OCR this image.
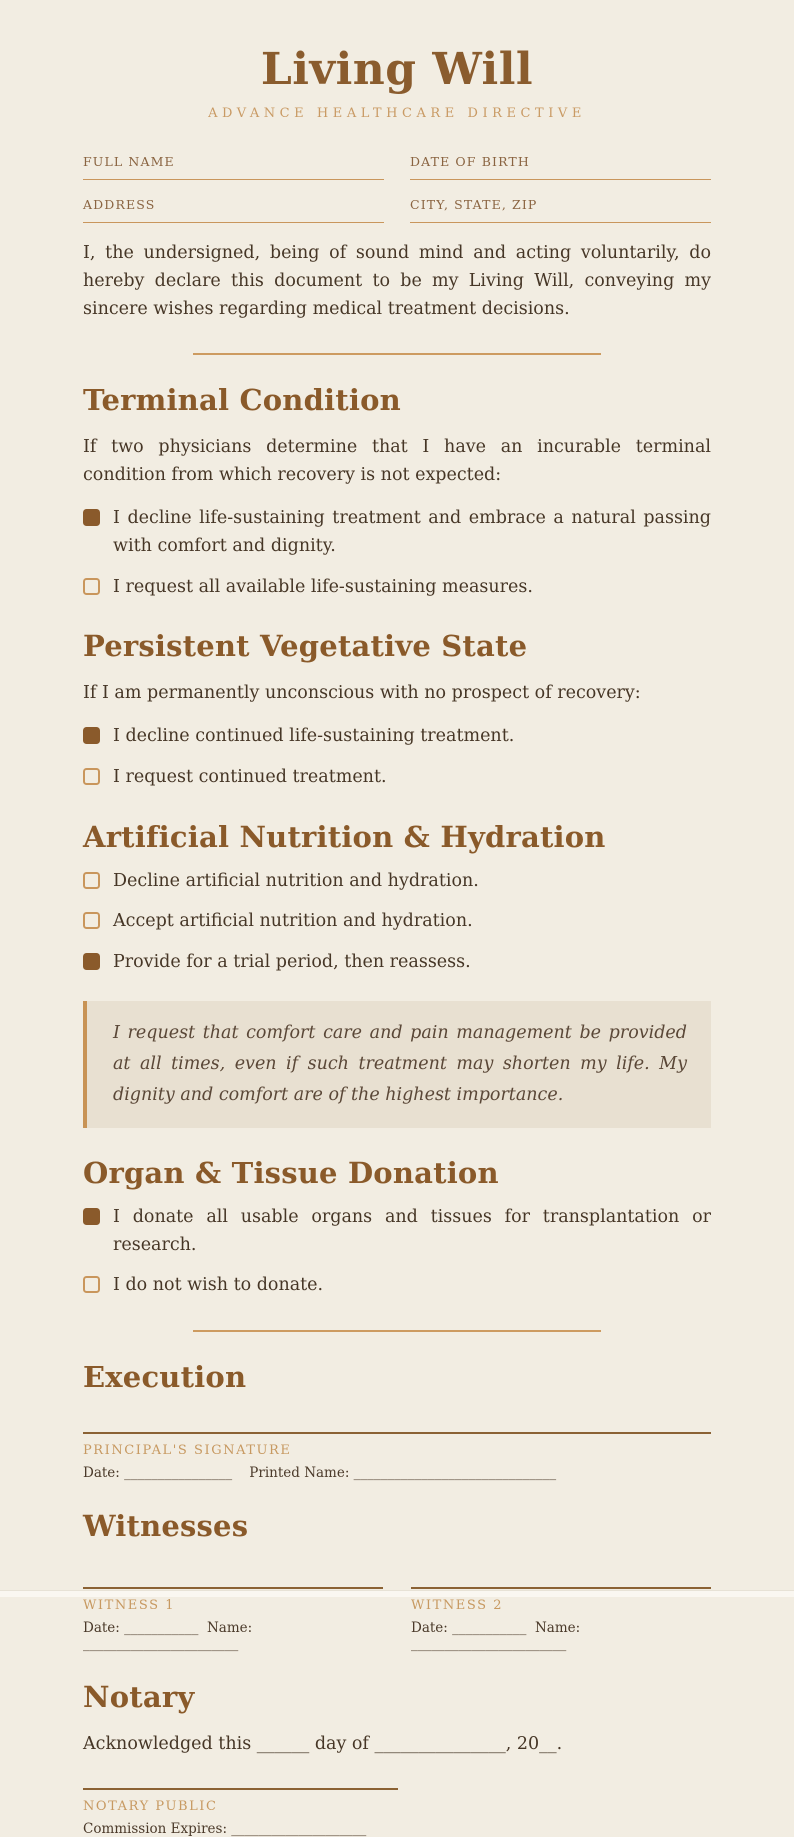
Living Will
ADVANCE HEALTHCARE DIRECTIVE
FULL NAME	DATE OF BIRTH
ADDRESS	CITY, STATE, ZIP

I, the undersigned, being of sound mind and acting voluntarily, do hereby declare this document to be my Living Will, conveying my sincere wishes regarding medical treatment decisions.

Terminal Condition

If two physicians determine that I have an incurable terminal condition from which recovery is not expected:

I decline life-sustaining treatment and embrace a natural passing with comfort and dignity.
I request all available life-sustaining measures.
Persistent Vegetative State

If I am permanently unconscious with no prospect of recovery:

I decline continued life-sustaining treatment.
I request continued treatment.
Artificial Nutrition & Hydration
Decline artificial nutrition and hydration.
Accept artificial nutrition and hydration.
Provide for a trial period, then reassess.
I request that comfort care and pain management be provided at all times, even if such treatment may shorten my life. My dignity and comfort are of the highest importance.
Organ & Tissue Donation
I donate all usable organs and tissues for transplantation or research.
I do not wish to donate.
Execution
PRINCIPAL'S SIGNATURE
Date: ________________    Printed Name: ______________________________
Witnesses
WITNESS 1
Date: ___________  Name: _______________________
WITNESS 2
Date: ___________  Name: _______________________
Notary

Acknowledged this ______ day of _______________, 20__.

NOTARY PUBLIC
Commission Expires: ____________________
